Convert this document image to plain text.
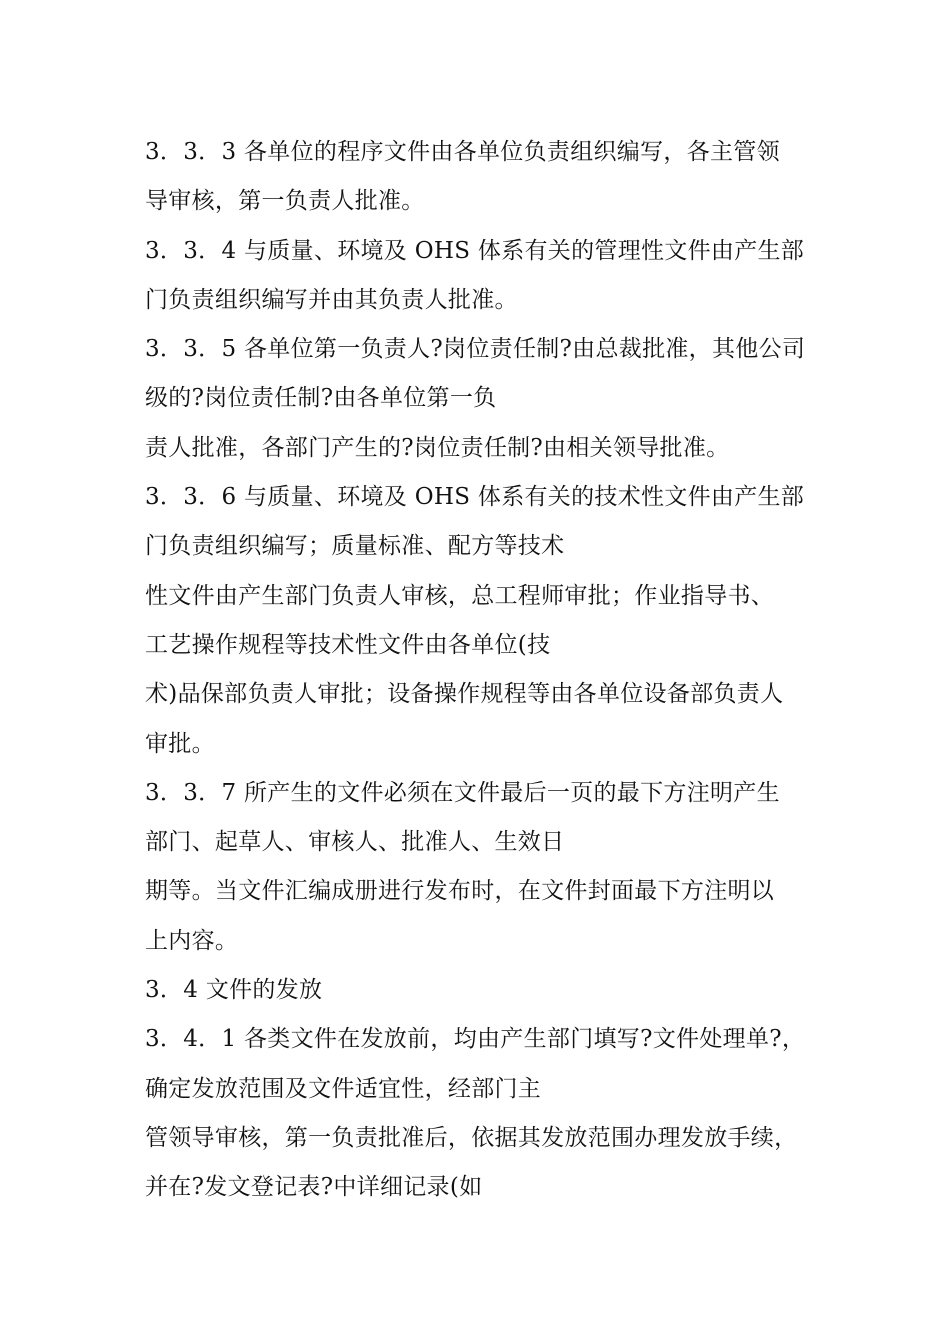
3．3．3 各单位的程序文件由各单位负责组织编写，各主管领
导审核，第一负责人批准。
3．3．4 与质量、环境及 OHS 体系有关的管理性文件由产生部
门负责组织编写并由其负责人批准。
3．3．5 各单位第一负责人?岗位责任制?由总裁批准，其他公司
级的?岗位责任制?由各单位第一负
责人批准，各部门产生的?岗位责任制?由相关领导批准。
3．3．6 与质量、环境及 OHS 体系有关的技术性文件由产生部
门负责组织编写；质量标准、配方等技术
性文件由产生部门负责人审核，总工程师审批；作业指导书、
工艺操作规程等技术性文件由各单位(技
术)品保部负责人审批；设备操作规程等由各单位设备部负责人
审批。
3．3．7 所产生的文件必须在文件最后一页的最下方注明产生
部门、起草人、审核人、批准人、生效日
期等。当文件汇编成册进行发布时，在文件封面最下方注明以
上内容。
3．4 文件的发放
3．4．1 各类文件在发放前，均由产生部门填写?文件处理单?，
确定发放范围及文件适宜性，经部门主
管领导审核，第一负责批准后，依据其发放范围办理发放手续，
并在?发文登记表?中详细记录(如
